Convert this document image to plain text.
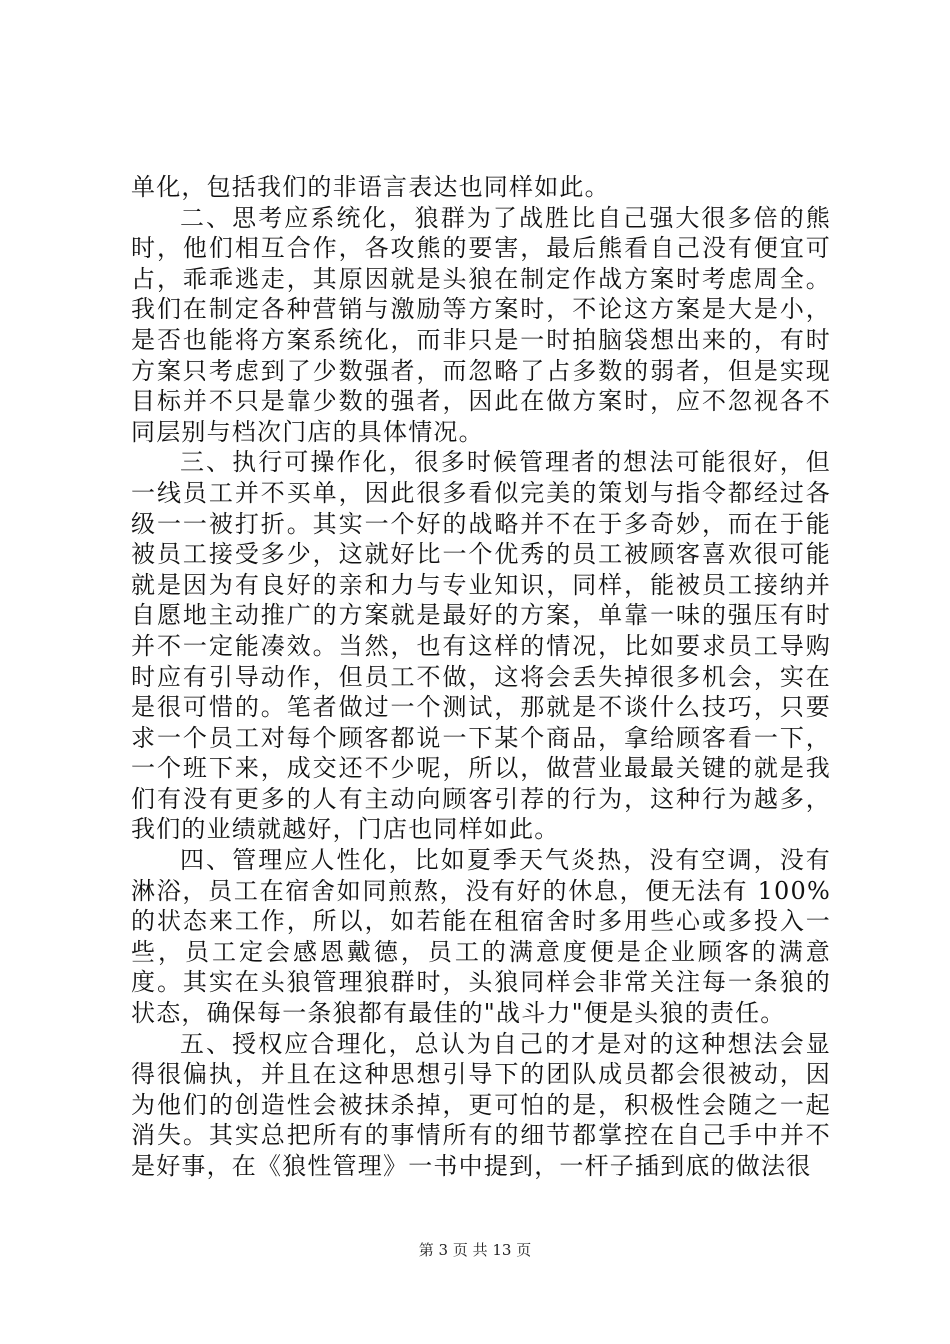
单化，包括我们的非语言表达也同样如此。

二、思考应系统化，狼群为了战胜比自己强大很多倍的熊时，他们相互合作，各攻熊的要害，最后熊看自己没有便宜可占，乖乖逃走，其原因就是头狼在制定作战方案时考虑周全。我们在制定各种营销与激励等方案时，不论这方案是大是小，是否也能将方案系统化，而非只是一时拍脑袋想出来的，有时方案只考虑到了少数强者，而忽略了占多数的弱者，但是实现目标并不只是靠少数的强者，因此在做方案时，应不忽视各不同层别与档次门店的具体情况。

三、执行可操作化，很多时候管理者的想法可能很好，但一线员工并不买单，因此很多看似完美的策划与指令都经过各级一一被打折。其实一个好的战略并不在于多奇妙，而在于能被员工接受多少，这就好比一个优秀的员工被顾客喜欢很可能就是因为有良好的亲和力与专业知识，同样，能被员工接纳并自愿地主动推广的方案就是最好的方案，单靠一味的强压有时并不一定能凑效。当然，也有这样的情况，比如要求员工导购时应有引导动作，但员工不做，这将会丢失掉很多机会，实在是很可惜的。笔者做过一个测试，那就是不谈什么技巧，只要求一个员工对每个顾客都说一下某个商品，拿给顾客看一下，一个班下来，成交还不少呢，所以，做营业最最关键的就是我们有没有更多的人有主动向顾客引荐的行为，这种行为越多，我们的业绩就越好，门店也同样如此。

四、管理应人性化，比如夏季天气炎热，没有空调，没有淋浴，员工在宿舍如同煎熬，没有好的休息，便无法有 100%的状态来工作，所以，如若能在租宿舍时多用些心或多投入一些，员工定会感恩戴德，员工的满意度便是企业顾客的满意度。其实在头狼管理狼群时，头狼同样会非常关注每一条狼的状态，确保每一条狼都有最佳的"战斗力"便是头狼的责任。

五、授权应合理化，总认为自己的才是对的这种想法会显得很偏执，并且在这种思想引导下的团队成员都会很被动，因为他们的创造性会被抹杀掉，更可怕的是，积极性会随之一起消失。其实总把所有的事情所有的细节都掌控在自己手中并不是好事，在《狼性管理》一书中提到，一杆子插到底的做法很

第 3 页 共 13 页
